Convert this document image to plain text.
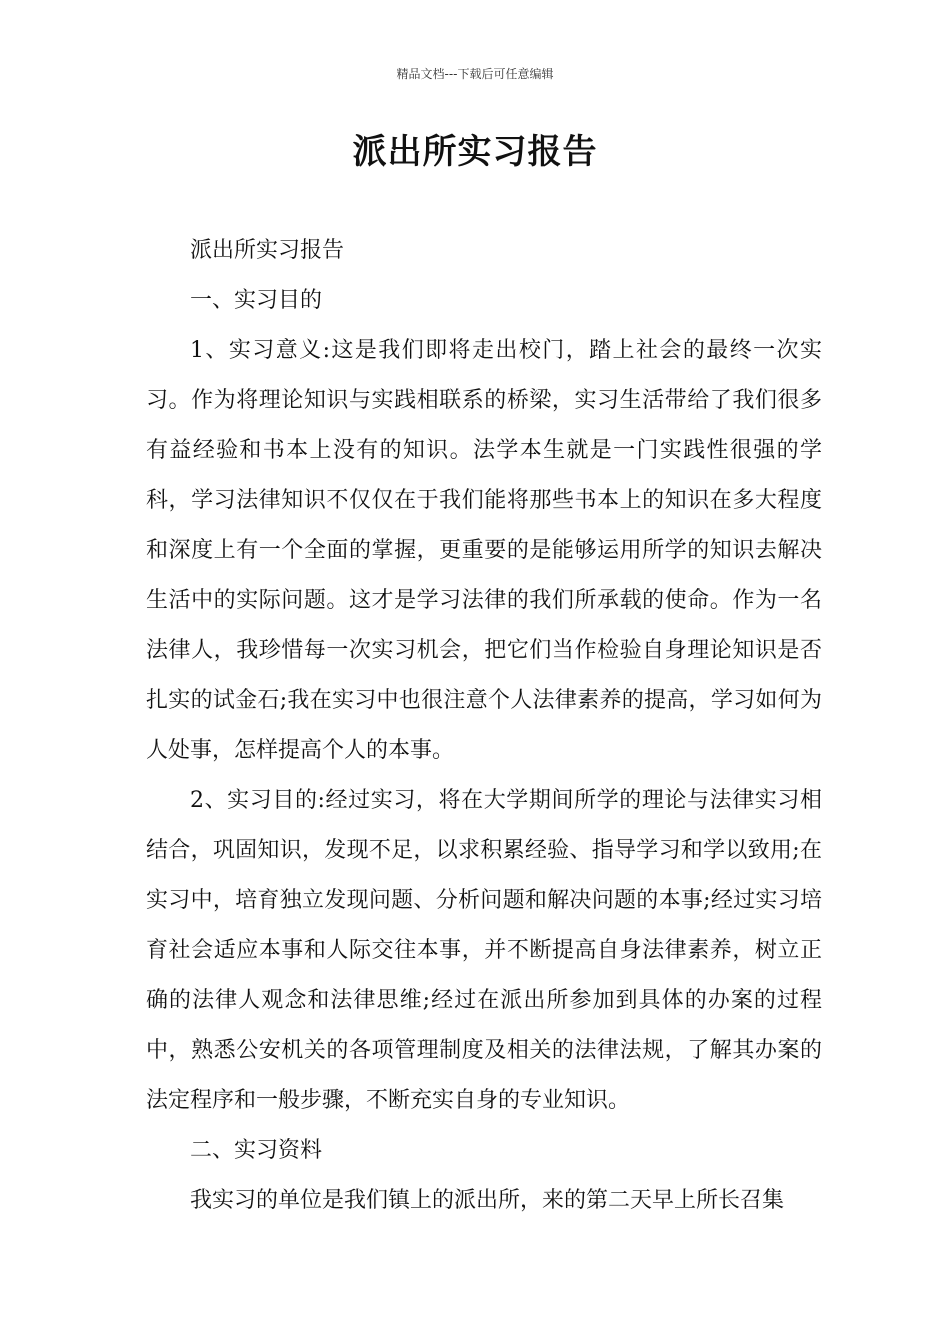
精品文档---下载后可任意编辑
派出所实习报告

派出所实习报告

一、实习目的

1、实习意义:这是我们即将走出校门，踏上社会的最终一次实习。作为将理论知识与实践相联系的桥梁，实习生活带给了我们很多有益经验和书本上没有的知识。法学本生就是一门实践性很强的学科，学习法律知识不仅仅在于我们能将那些书本上的知识在多大程度和深度上有一个全面的掌握，更重要的是能够运用所学的知识去解决生活中的实际问题。这才是学习法律的我们所承载的使命。作为一名法律人，我珍惜每一次实习机会，把它们当作检验自身理论知识是否扎实的试金石;我在实习中也很注意个人法律素养的提高，学习如何为人处事，怎样提高个人的本事。

2、实习目的:经过实习，将在大学期间所学的理论与法律实习相结合，巩固知识，发现不足，以求积累经验、指导学习和学以致用;在实习中，培育独立发现问题、分析问题和解决问题的本事;经过实习培育社会适应本事和人际交往本事，并不断提高自身法律素养，树立正确的法律人观念和法律思维;经过在派出所参加到具体的办案的过程中，熟悉公安机关的各项管理制度及相关的法律法规，了解其办案的法定程序和一般步骤，不断充实自身的专业知识。

二、实习资料

我实习的单位是我们镇上的派出所，来的第二天早上所长召集
